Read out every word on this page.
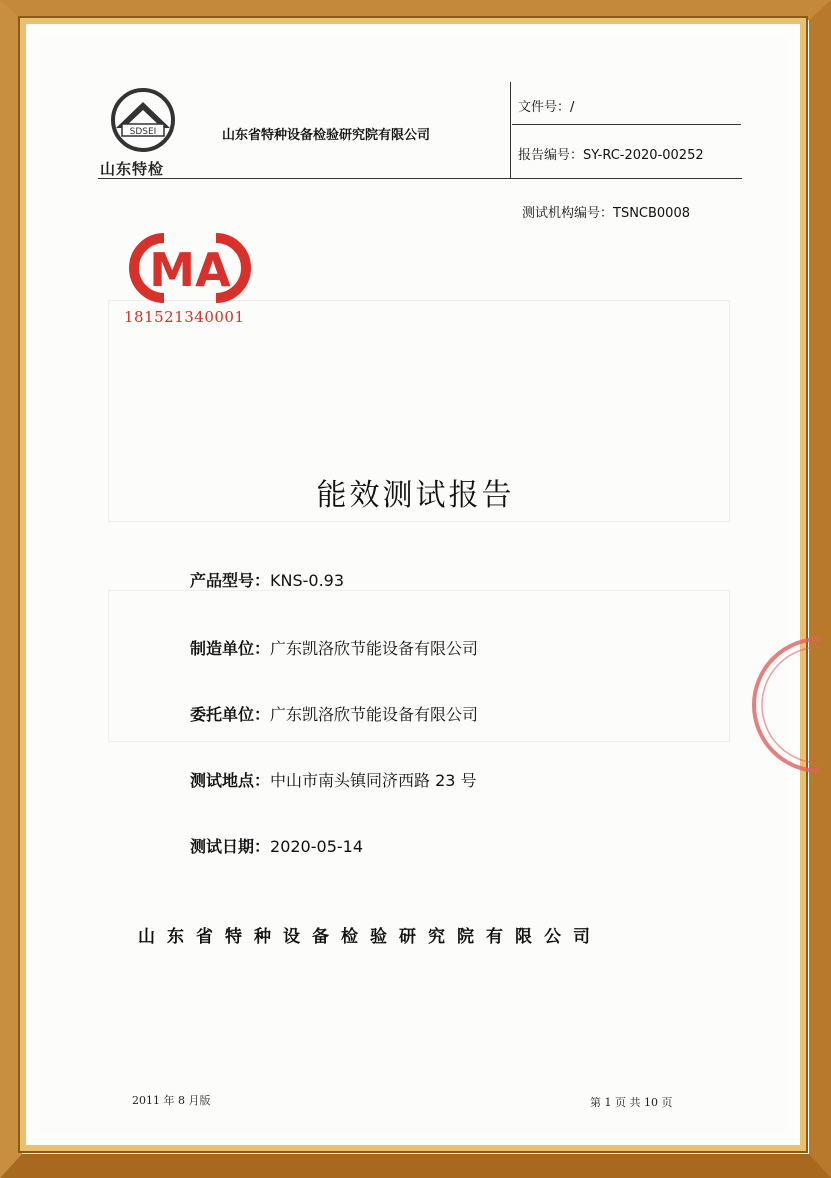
SDSEI
山东特检
山东省特种设备检验研究院有限公司
文件号：/
报告编号：SY-RC-2020-00252
测试机构编号：TSNCB0008
MA
181521340001
能效测试报告
产品型号：KNS-0.93
制造单位：广东凯洛欣节能设备有限公司
委托单位：广东凯洛欣节能设备有限公司
测试地点：中山市南头镇同济西路 23 号
测试日期：2020-05-14
山东省特种设备检验研究院有限公司
2011 年 8 月版	第 1 页 共 10 页
